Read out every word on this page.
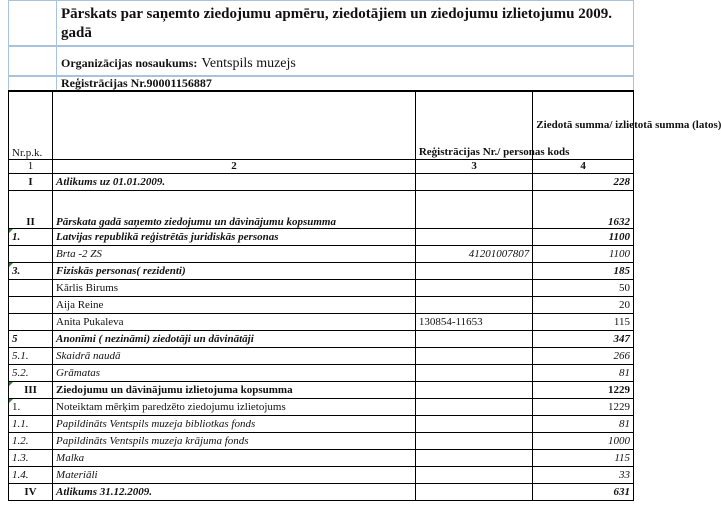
Pārskats par saņemto ziedojumu apmēru, ziedotājiem un ziedojumu izlietojumu 2009. gadā
Organizācijas nosaukums: Ventspils muzejs
Reģistrācijas Nr.90001156887
Nr.p.k.		Reģistrācijas Nr./ personas kods	Ziedotā summa/ izlietotā summa (latos)
1	2	3	4
I	Atlikums uz 01.01.2009.		228
II	Pārskata gadā saņemto ziedojumu un dāvinājumu kopsumma		1632
1.	Latvijas republikā reģistrētās juridiskās personas		1100
	Brta -2 ZS	41201007807	1100
3.	Fiziskās personas( rezidenti)		185
	Kārlis Birums		50
	Aija Reine		20
	Anita Pukaleva	130854-11653	115
5	Anonīmi ( nezināmi) ziedotāji un dāvinātāji		347
5.1.	Skaidrā naudā		266
5.2.	Grāmatas		81
III	Ziedojumu un dāvinājumu izlietojuma kopsumma		1229
1.	Noteiktam mērķim paredzēto ziedojumu izlietojums		1229
1.1.	Papildināts Ventspils muzeja bibliotkas fonds		81
1.2.	Papildināts Ventspils muzeja krājuma fonds		1000
1.3.	Malka		115
1.4.	Materiāli		33
IV	Atlikums 31.12.2009.		631
